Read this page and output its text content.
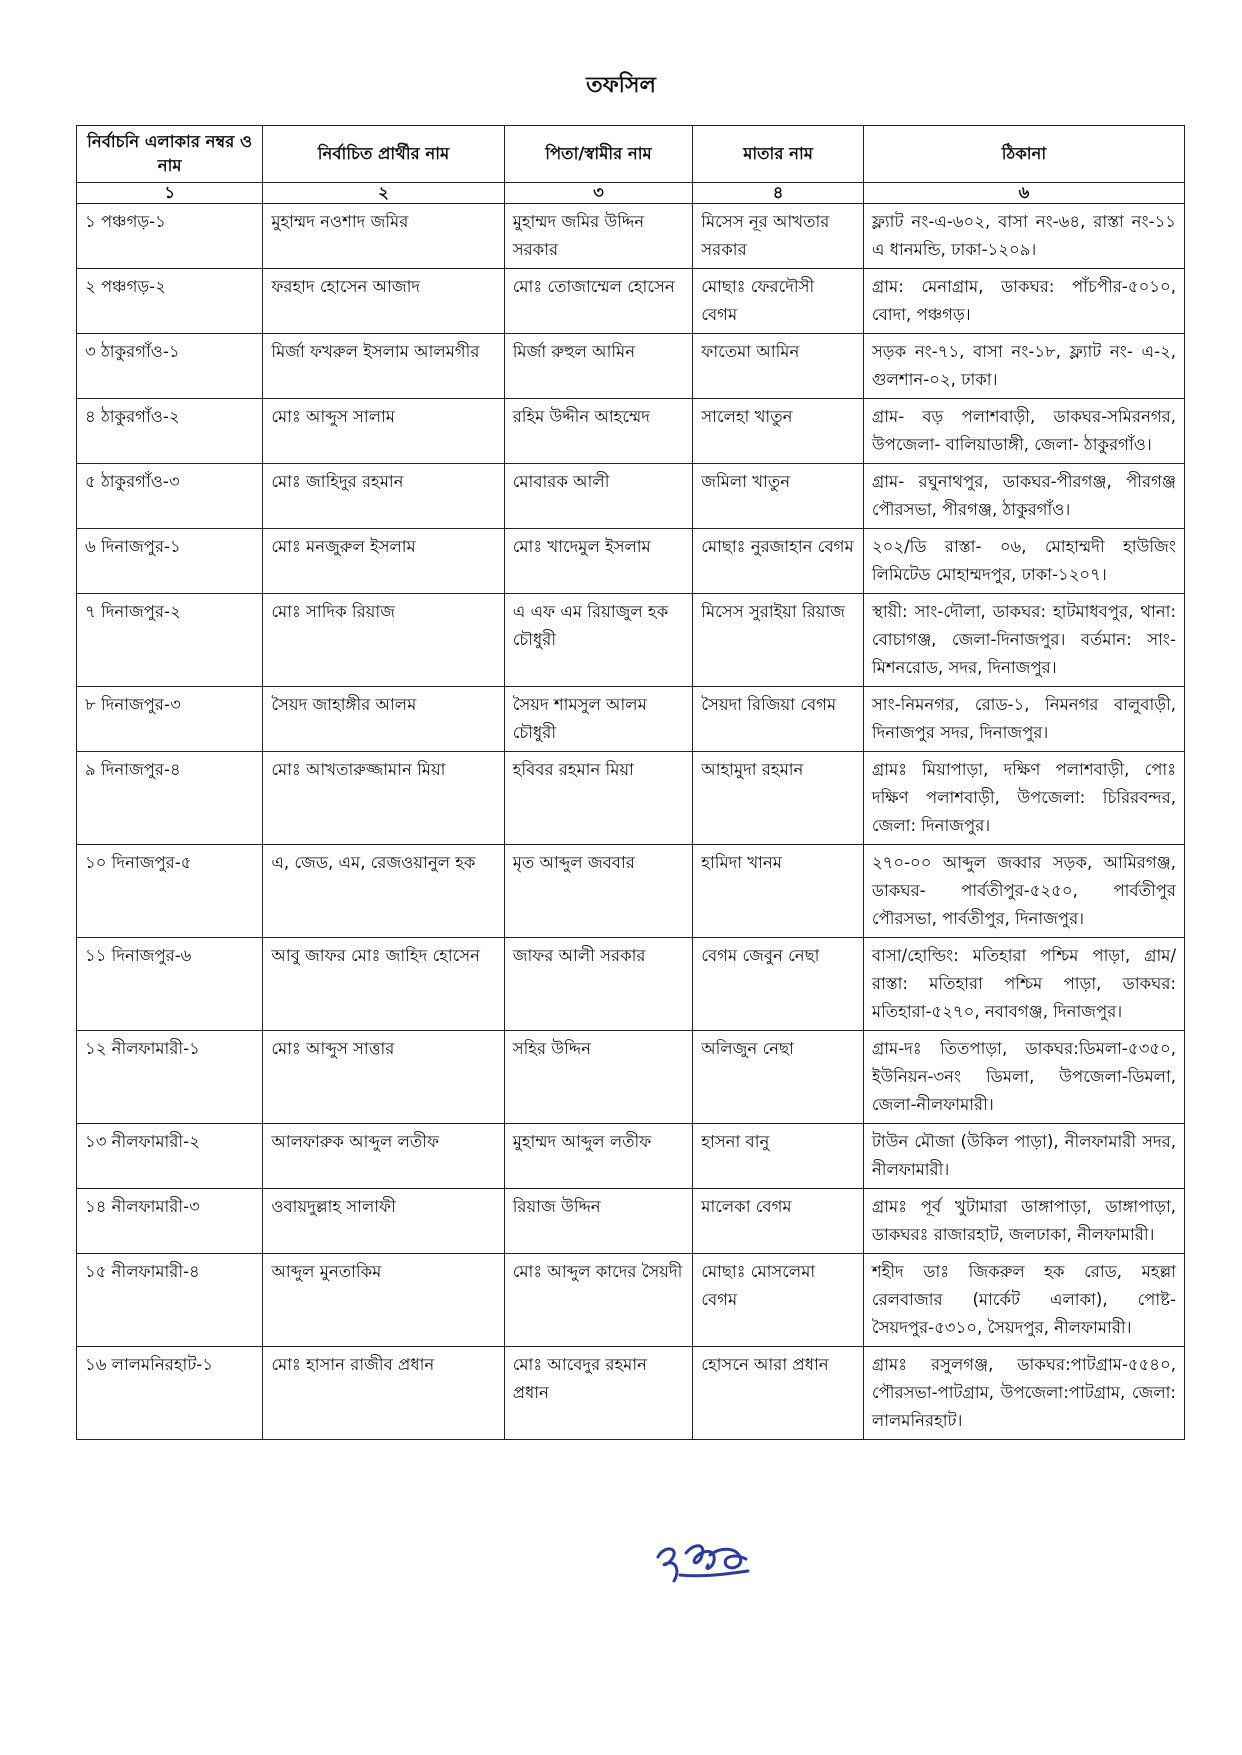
তফসিল
নির্বাচনি এলাকার নম্বর ও নাম	নির্বাচিত প্রার্থীর নাম	পিতা/স্বামীর নাম	মাতার নাম	ঠিকানা
১	২	৩	৪	৬
১ পঞ্চগড়-১	মুহাম্মদ নওশাদ জমির	মুহাম্মদ জমির উদ্দিন সরকার	মিসেস নূর আখতার সরকার	ফ্ল্যাট নং-এ-৬০২, বাসা নং-৬৪, রাস্তা নং-১১ এ ধানমন্ডি, ঢাকা-১২০৯।
২ পঞ্চগড়-২	ফরহাদ হোসেন আজাদ	মোঃ তোজাম্মেল হোসেন	মোছাঃ ফেরদৌসী বেগম	গ্রাম: মেনাগ্রাম, ডাকঘর: পাঁচপীর-৫০১০, বোদা, পঞ্চগড়।
৩ ঠাকুরগাঁও-১	মির্জা ফখরুল ইসলাম আলমগীর	মির্জা রুহুল আমিন	ফাতেমা আমিন	সড়ক নং-৭১, বাসা নং-১৮, ফ্ল্যাট নং- এ-২, গুলশান-০২, ঢাকা।
৪ ঠাকুরগাঁও-২	মোঃ আব্দুস সালাম	রহিম উদ্দীন আহম্মেদ	সালেহা খাতুন	গ্রাম- বড় পলাশবাড়ী, ডাকঘর-সমিরনগর, উপজেলা- বালিয়াডাঙ্গী, জেলা- ঠাকুরগাঁও।
৫ ঠাকুরগাঁও-৩	মোঃ জাহিদুর রহমান	মোবারক আলী	জমিলা খাতুন	গ্রাম- রঘুনাথপুর, ডাকঘর-পীরগঞ্জ, পীরগঞ্জ পৌরসভা, পীরগঞ্জ, ঠাকুরগাঁও।
৬ দিনাজপুর-১	মোঃ মনজুরুল ইসলাম	মোঃ খাদেমুল ইসলাম	মোছাঃ নুরজাহান বেগম	২০২/ডি রাস্তা- ০৬, মোহাম্মদী হাউজিং লিমিটেড মোহাম্মদপুর, ঢাকা-১২০৭।
৭ দিনাজপুর-২	মোঃ সাদিক রিয়াজ	এ এফ এম রিয়াজুল হক চৌধুরী	মিসেস সুরাইয়া রিয়াজ	স্থায়ী: সাং-দৌলা, ডাকঘর: হাটমাধবপুর, থানা: বোচাগঞ্জ, জেলা-দিনাজপুর। বর্তমান: সাং-মিশনরোড, সদর, দিনাজপুর।
৮ দিনাজপুর-৩	সৈয়দ জাহাঙ্গীর আলম	সৈয়দ শামসুল আলম চৌধুরী	সৈয়দা রিজিয়া বেগম	সাং-নিমনগর, রোড-১, নিমনগর বালুবাড়ী, দিনাজপুর সদর, দিনাজপুর।
৯ দিনাজপুর-৪	মোঃ আখতারুজ্জামান মিয়া	হবিবর রহমান মিয়া	আহামুদা রহমান	গ্রামঃ মিয়াপাড়া, দক্ষিণ পলাশবাড়ী, পোঃ দক্ষিণ পলাশবাড়ী, উপজেলা: চিরিরবন্দর, জেলা: দিনাজপুর।
১০ দিনাজপুর-৫	এ, জেড, এম, রেজওয়ানুল হক	মৃত আব্দুল জববার	হামিদা খানম	২৭০-০০ আব্দুল জব্বার সড়ক, আমিরগঞ্জ, ডাকঘর- পার্বতীপুর-৫২৫০, পার্বতীপুর পৌরসভা, পার্বতীপুর, দিনাজপুর।
১১ দিনাজপুর-৬	আবু জাফর মোঃ জাহিদ হোসেন	জাফর আলী সরকার	বেগম জেবুন নেছা	বাসা/হোল্ডিং: মতিহারা পশ্চিম পাড়া, গ্রাম/রাস্তা: মতিহারা পশ্চিম পাড়া, ডাকঘর: মতিহারা-৫২৭০, নবাবগঞ্জ, দিনাজপুর।
১২ নীলফামারী-১	মোঃ আব্দুস সাত্তার	সহির উদ্দিন	অলিজুন নেছা	গ্রাম-দঃ তিতপাড়া, ডাকঘর:ডিমলা-৫৩৫০, ইউনিয়ন-৩নং ডিমলা, উপজেলা-ডিমলা, জেলা-নীলফামারী।
১৩ নীলফামারী-২	আলফারুক আব্দুল লতীফ	মুহাম্মদ আব্দুল লতীফ	হাসনা বানু	টাউন মৌজা (উকিল পাড়া), নীলফামারী সদর, নীলফামারী।
১৪ নীলফামারী-৩	ওবায়দুল্লাহ সালাফী	রিয়াজ উদ্দিন	মালেকা বেগম	গ্রামঃ পূর্ব খুটামারা ডাঙ্গাপাড়া, ডাঙ্গাপাড়া, ডাকঘরঃ রাজারহাট, জলঢাকা, নীলফামারী।
১৫ নীলফামারী-৪	আব্দুল মুনতাকিম	মোঃ আব্দুল কাদের সৈয়দী	মোছাঃ মোসলেমা বেগম	শহীদ ডাঃ জিকরুল হক রোড, মহল্লা রেলবাজার (মার্কেট এলাকা), পোষ্ট-সৈয়দপুর-৫৩১০, সৈয়দপুর, নীলফামারী।
১৬ লালমনিরহাট-১	মোঃ হাসান রাজীব প্রধান	মোঃ আবেদুর রহমান প্রধান	হোসনে আরা প্রধান	গ্রামঃ রসুলগঞ্জ, ডাকঘর:পাটগ্রাম-৫৫৪০, পৌরসভা-পাটগ্রাম, উপজেলা:পাটগ্রাম, জেলা: লালমনিরহাট।
